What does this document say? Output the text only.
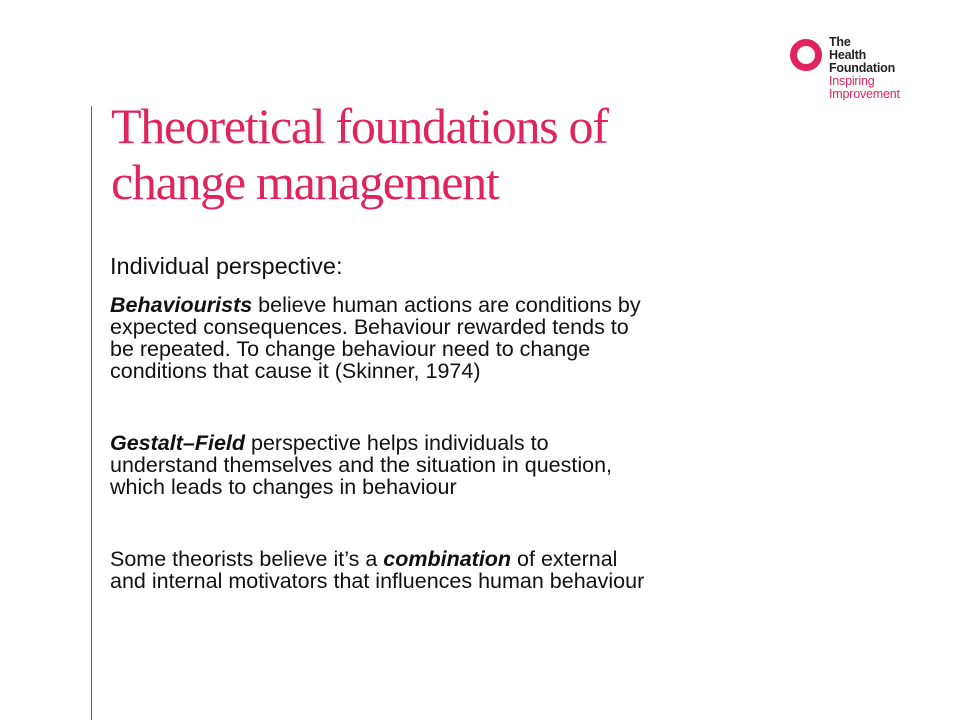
The
Health
Foundation
Inspiring
Improvement
Theoretical foundations of
change management

Individual perspective:

Behaviourists believe human actions are conditions by
expected consequences. Behaviour rewarded tends to
be repeated. To change behaviour need to change
conditions that cause it (Skinner, 1974)

Gestalt–Field perspective helps individuals to
understand themselves and the situation in question,
which leads to changes in behaviour

Some theorists believe it’s a combination of external
and internal motivators that influences human behaviour
